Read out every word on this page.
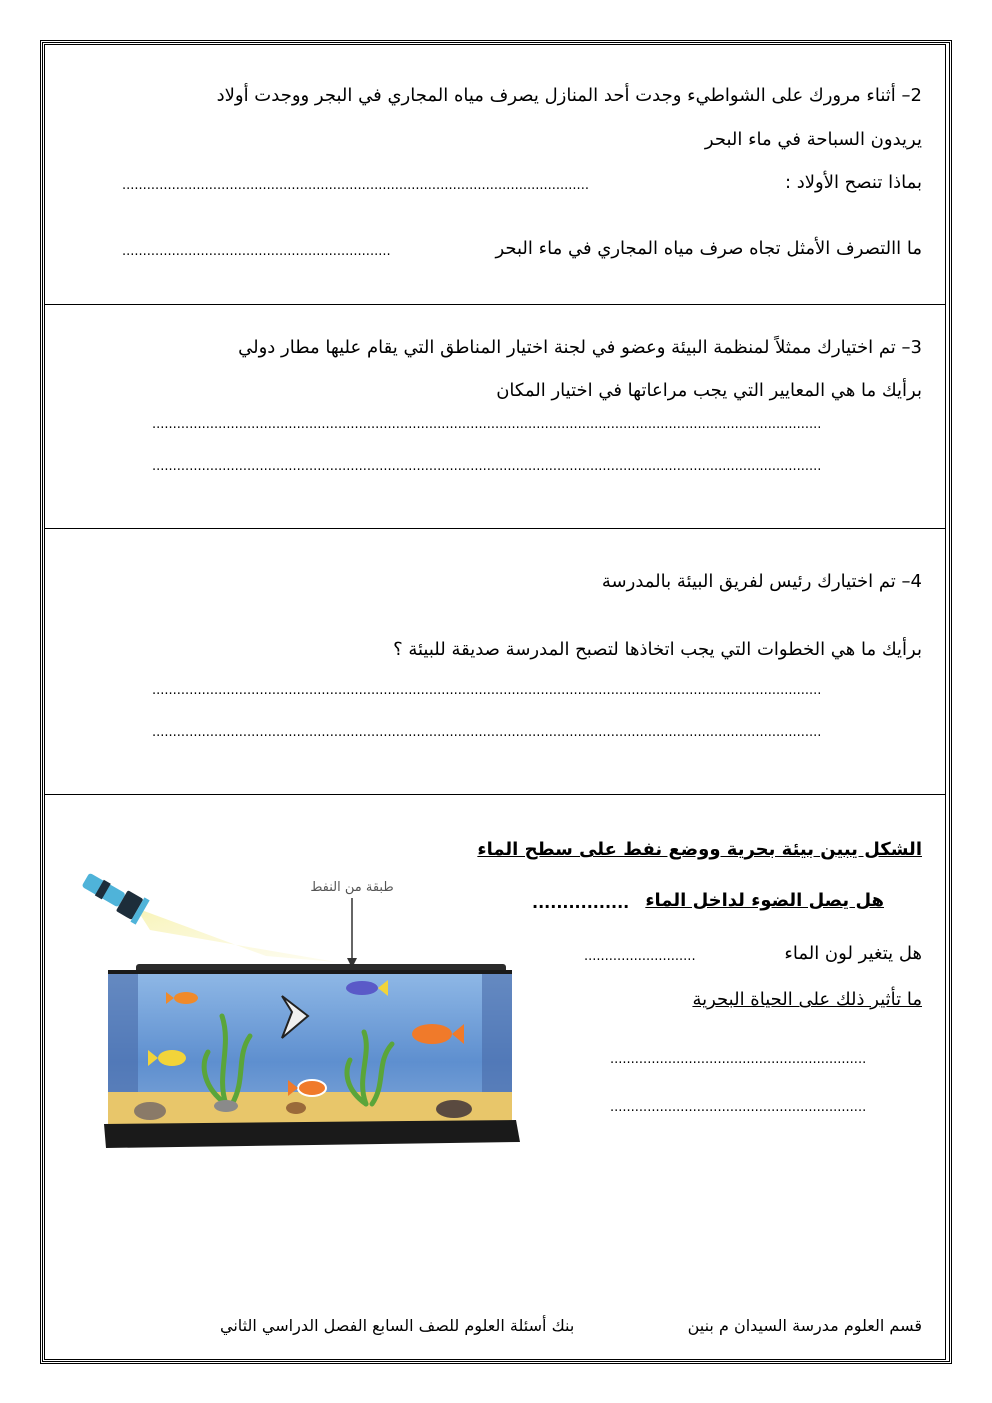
2– أثناء مرورك على الشواطيء وجدت أحد المنازل يصرف مياه المجاري في البجر ووجدت أولاد
يريدون السباحة في ماء البحر
بماذا تنصح الأولاد :
.................................................................................................................
ما االتصرف الأمثل تجاه صرف مياه المجاري في ماء البحر
.................................................................
3– تم اختيارك ممثلاً لمنظمة البيئة وعضو في لجنة اختيار المناطق التي يقام عليها مطار دولي
برأيك ما هي المعايير التي يجب مراعاتها في اختيار المكان
..................................................................................................................................................................
..................................................................................................................................................................
4– تم اختيارك رئيس لفريق البيئة بالمدرسة
برأيك ما هي الخطوات التي يجب اتخاذها لتصبح المدرسة صديقة للبيئة ؟
..................................................................................................................................................................
..................................................................................................................................................................
الشكل يبين بيئة بحرية ووضع نفط على سطح الماء
هل يصل الضوء لداخل الماء
................
هل يتغير لون الماء
...........................
ما تأثير ذلك على الحياة البحرية
..............................................................
..............................................................
طبقة من النفط
قسم العلوم مدرسة السيدان م بنين
بنك أسئلة العلوم للصف السابع الفصل الدراسي الثاني
